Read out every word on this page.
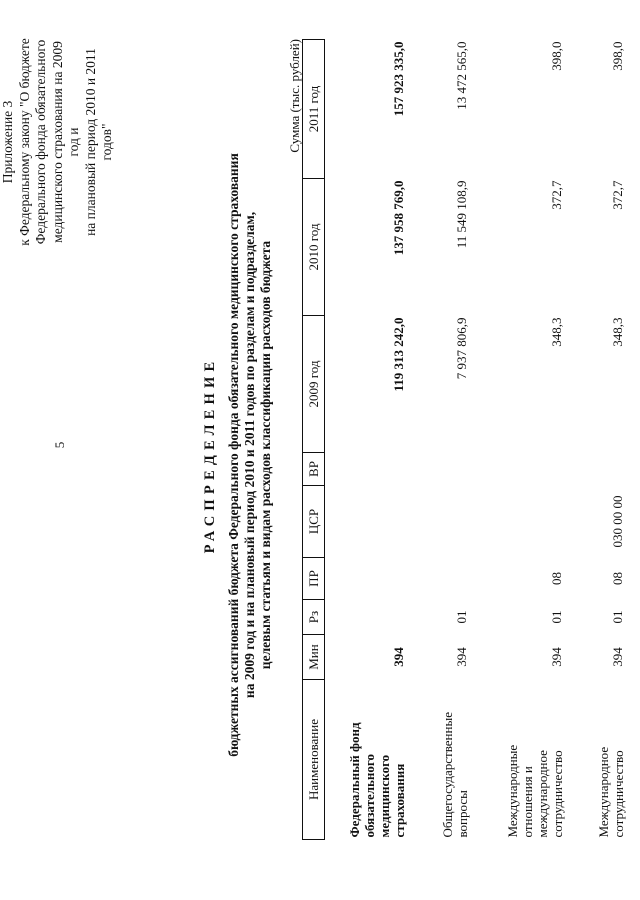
5
Приложение 3 к Федеральному закону "О бюджете Федерального фонда обязательного медицинского страхования на 2009 год и на плановый период 2010 и 2011 годов"
РАСПРЕДЕЛЕНИЕ бюджетных ассигнований бюджета Федерального фонда обязательного медицинского страхования на 2009 год и на плановый период 2010 и 2011 годов по разделам и подразделам, целевым статьям и видам расходов классификации расходов бюджета
Сумма (тыс. рублей)
Наименование	Мин	Рз	ПР	ЦСР	ВР	2009 год	2010 год	2011 год

Федеральный фонд обязательного медицинского страхования	394					119 313 242,0	137 958 769,0	157 923 335,0

Общегосударственные вопросы	394	01				7 937 806,9	11 549 108,9	13 472 565,0

Международные отношения и международное сотрудничество	394	01	08			348,3	372,7	398,0

Международное сотрудничество	394	01	08	030 00 00		348,3	372,7	398,0
